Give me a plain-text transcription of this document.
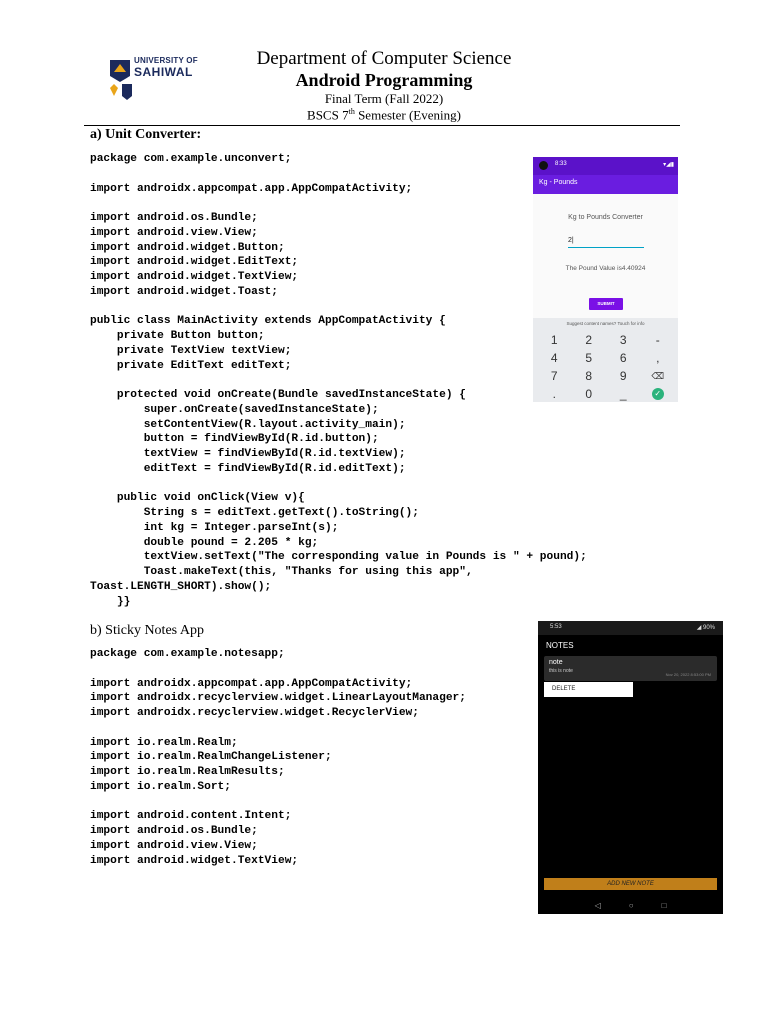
UNIVERSITY OF
SAHIWAL
Department of Computer Science
Android Programming
Final Term (Fall 2022)
BSCS 7th Semester (Evening)
a) Unit Converter:
package com.example.unconvert;

import androidx.appcompat.app.AppCompatActivity;

import android.os.Bundle;
import android.view.View;
import android.widget.Button;
import android.widget.EditText;
import android.widget.TextView;
import android.widget.Toast;

public class MainActivity extends AppCompatActivity {
private Button button;
private TextView textView;
private EditText editText;

protected void onCreate(Bundle savedInstanceState) {
super.onCreate(savedInstanceState);
setContentView(R.layout.activity_main);
button = findViewById(R.id.button);
textView = findViewById(R.id.textView);
editText = findViewById(R.id.editText);

public void onClick(View v){
String s = editText.getText().toString();
int kg = Integer.parseInt(s);
double pound = 2.205 * kg;
textView.setText("The corresponding value in Pounds is " + pound);
Toast.makeText(this, "Thanks for using this app",
Toast.LENGTH_SHORT).show();
}}
8:33	▾◢▮
Kg - Pounds
Kg to Pounds Converter
2|
The Pound Value is4.40924
SUBMIT
Suggest content names? Touch for info
1	2	3	-
4	5	6	,
7	8	9	⌫
.	0	_	✓
b) Sticky Notes App
package com.example.notesapp;

import androidx.appcompat.app.AppCompatActivity;
import androidx.recyclerview.widget.LinearLayoutManager;
import androidx.recyclerview.widget.RecyclerView;

import io.realm.Realm;
import io.realm.RealmChangeListener;
import io.realm.RealmResults;
import io.realm.Sort;

import android.content.Intent;
import android.os.Bundle;
import android.view.View;
import android.widget.TextView;
5:53	◢ 90%
NOTES
note
this is note
Nov 20, 2022 8:53:00 PM
DELETE
ADD NEW NOTE
◁	○	□
